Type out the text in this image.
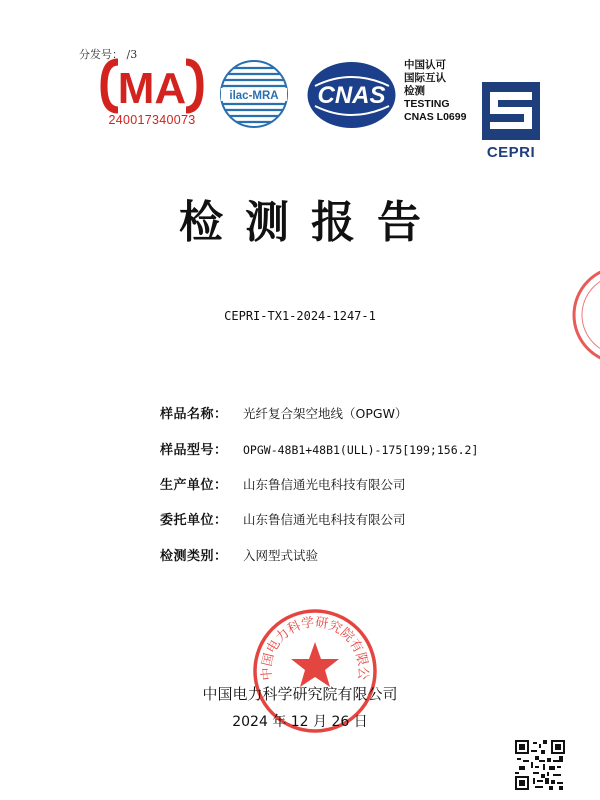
分发号： /3
MA
240017340073
ilac-MRA CNAS
中国认可
国际互认
检测
TESTING
CNAS L0699
CEPRI
检测报告
CEPRI-TX1-2024-1247-1
样品名称： 光纤复合架空地线（OPGW）
样品型号： OPGW-48B1+48B1(ULL)-175[199;156.2]
生产单位： 山东鲁信通光电科技有限公司
委托单位： 山东鲁信通光电科技有限公司
检测类别： 入网型式试验
中国电力科学研究院有限公
中国电力科学研究院有限公司
2024 年 12 月 26 日
